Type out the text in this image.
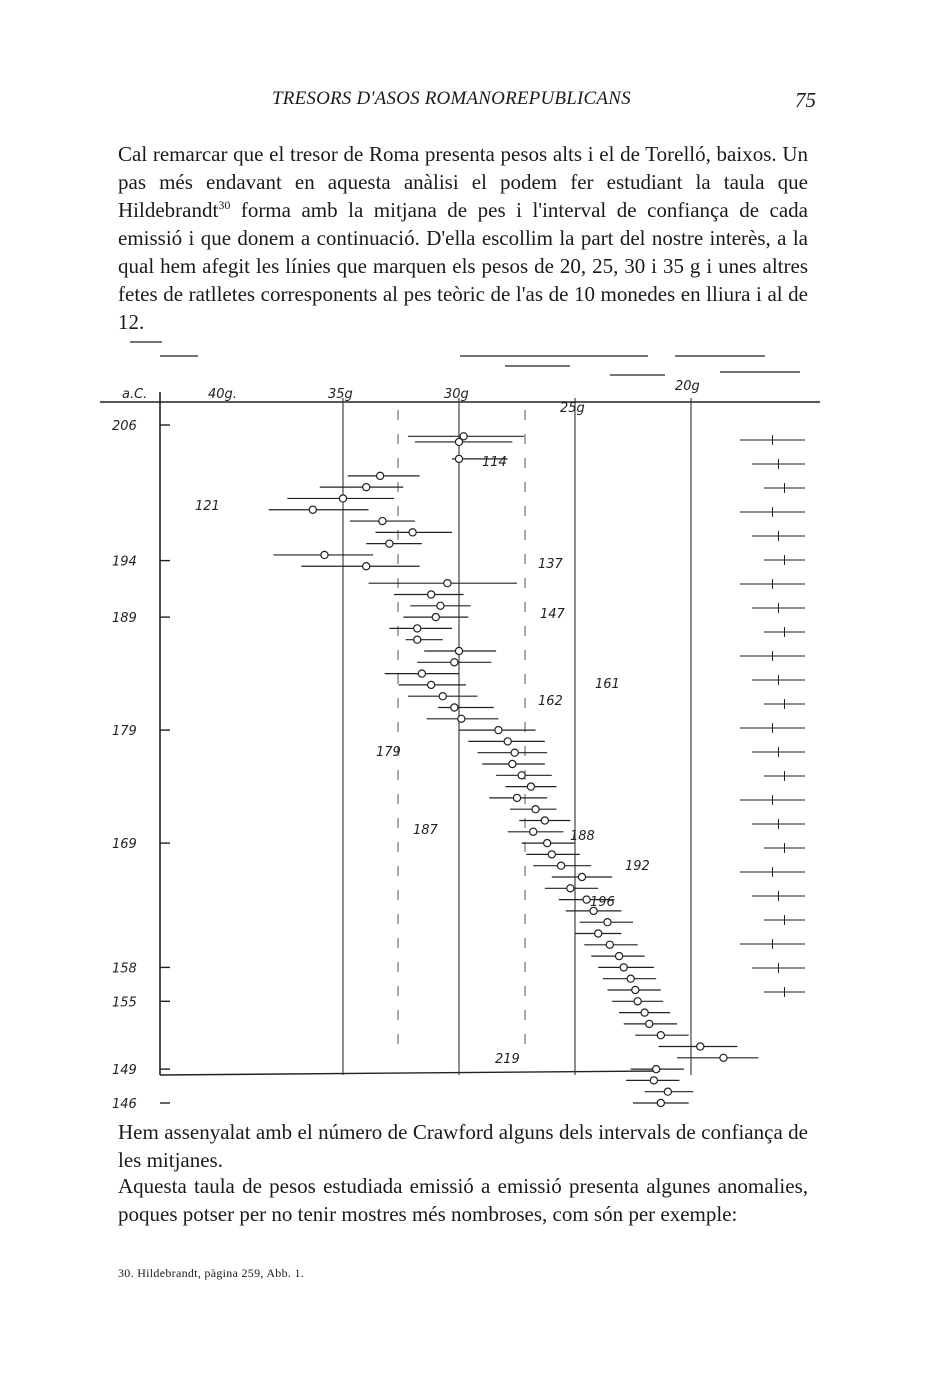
TRESORS D'ASOS ROMANOREPUBLICANS	75

Cal remarcar que el tresor de Roma presenta pesos alts i el de Torelló, baixos. Un pas més endavant en aquesta anàlisi el podem fer estudiant la taula que Hildebrandt$^{30}$ forma amb la mitjana de pes i l'interval de confiança de cada emissió i que donem a continuació. D'ella escollim la part del nostre interès, a la qual hem afegit les línies que marquen els pesos de 20, 25, 30 i 35 g i unes altres fetes de ratlletes corresponents al pes teòric de l'as de 10 monedes en lliura i al de 12.

a.C.	40g.	35g	30g
25g
20g
206
194
189
179
169
158
155
149
146
114
121
137
147
161
162
179
187	188
192
196
219

Hem assenyalat amb el número de Crawford alguns dels intervals de confiança de les mitjanes.

Aquesta taula de pesos estudiada emissió a emissió presenta algunes anomalies, poques potser per no tenir mostres més nombroses, com són per exemple:

30. Hildebrandt, pàgina 259, Abb. 1.
